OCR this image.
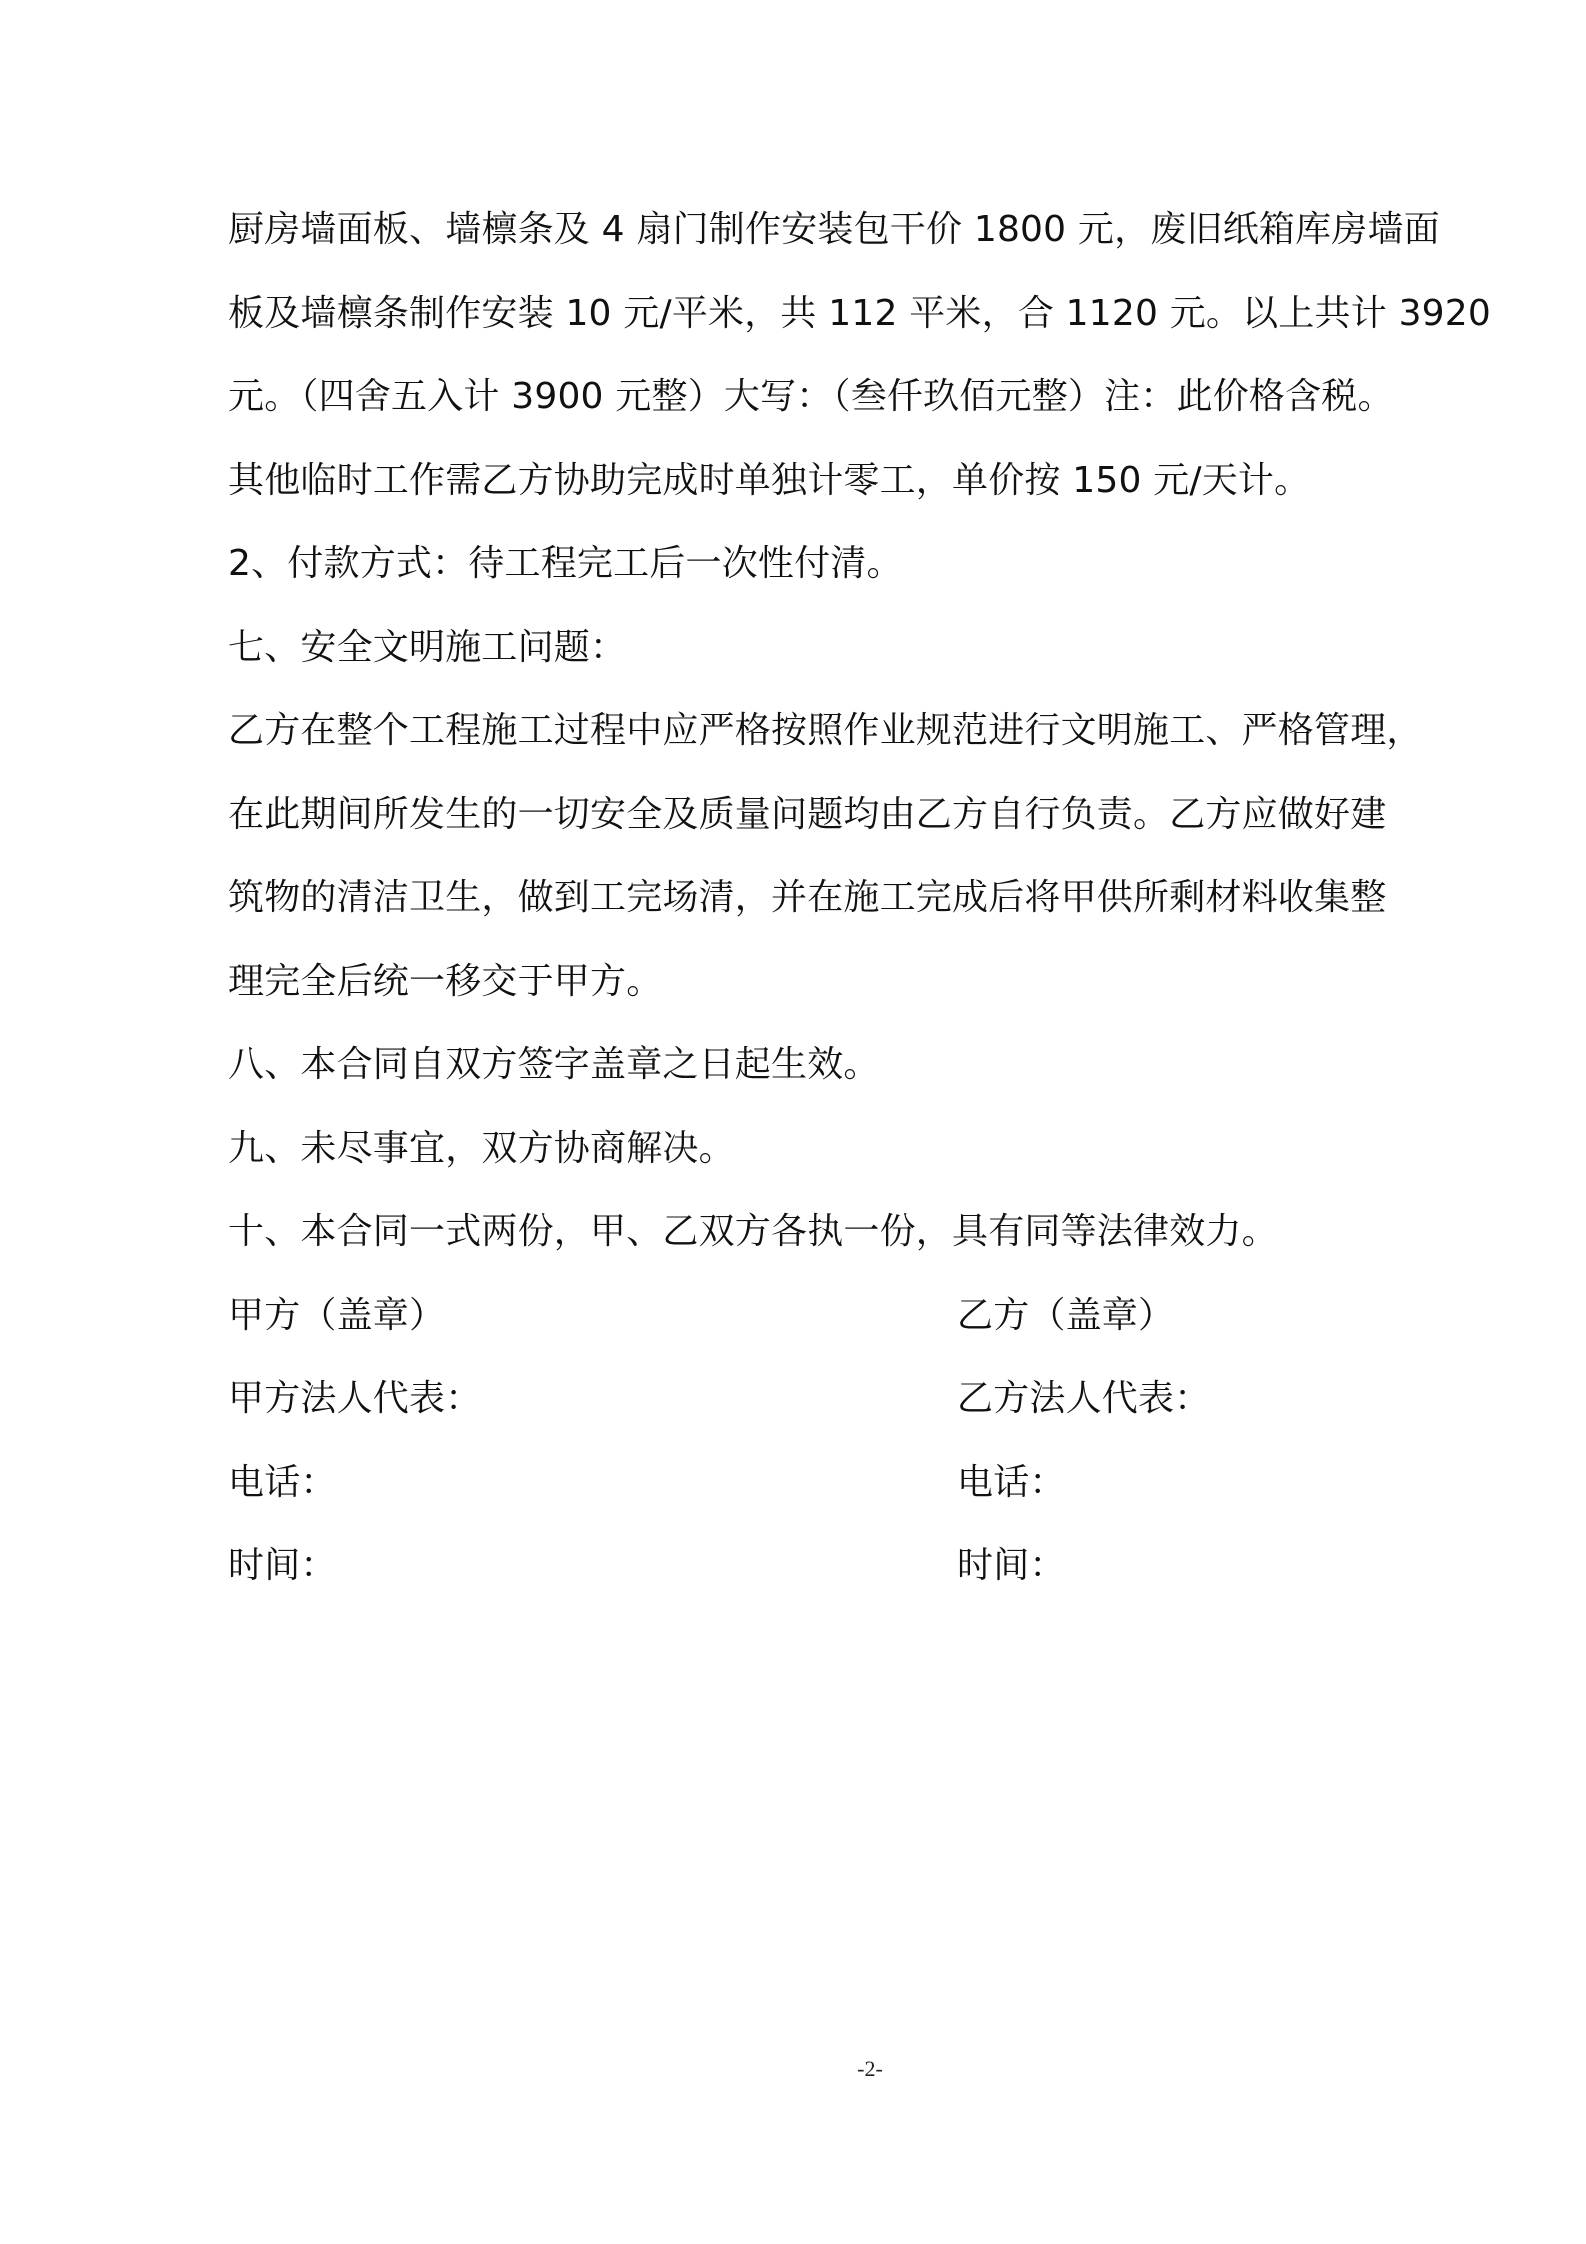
厨房墙面板、墙檩条及 4 扇门制作安装包干价 1800 元，废旧纸箱库房墙面
板及墙檩条制作安装 10 元/平米，共 112 平米，合 1120 元。以上共计 3920
元。（四舍五入计 3900 元整）大写：（叁仟玖佰元整）注：此价格含税。
其他临时工作需乙方协助完成时单独计零工，单价按 150 元/天计。
2、付款方式：待工程完工后一次性付清。
七、安全文明施工问题：
乙方在整个工程施工过程中应严格按照作业规范进行文明施工、严格管理，
在此期间所发生的一切安全及质量问题均由乙方自行负责。乙方应做好建
筑物的清洁卫生，做到工完场清，并在施工完成后将甲供所剩材料收集整
理完全后统一移交于甲方。
八、本合同自双方签字盖章之日起生效。
九、未尽事宜，双方协商解决。
十、本合同一式两份，甲、乙双方各执一份，具有同等法律效力。
甲方（盖章）	乙方（盖章）
甲方法人代表：	乙方法人代表：
电话：	电话：
时间：	时间：
-2-
